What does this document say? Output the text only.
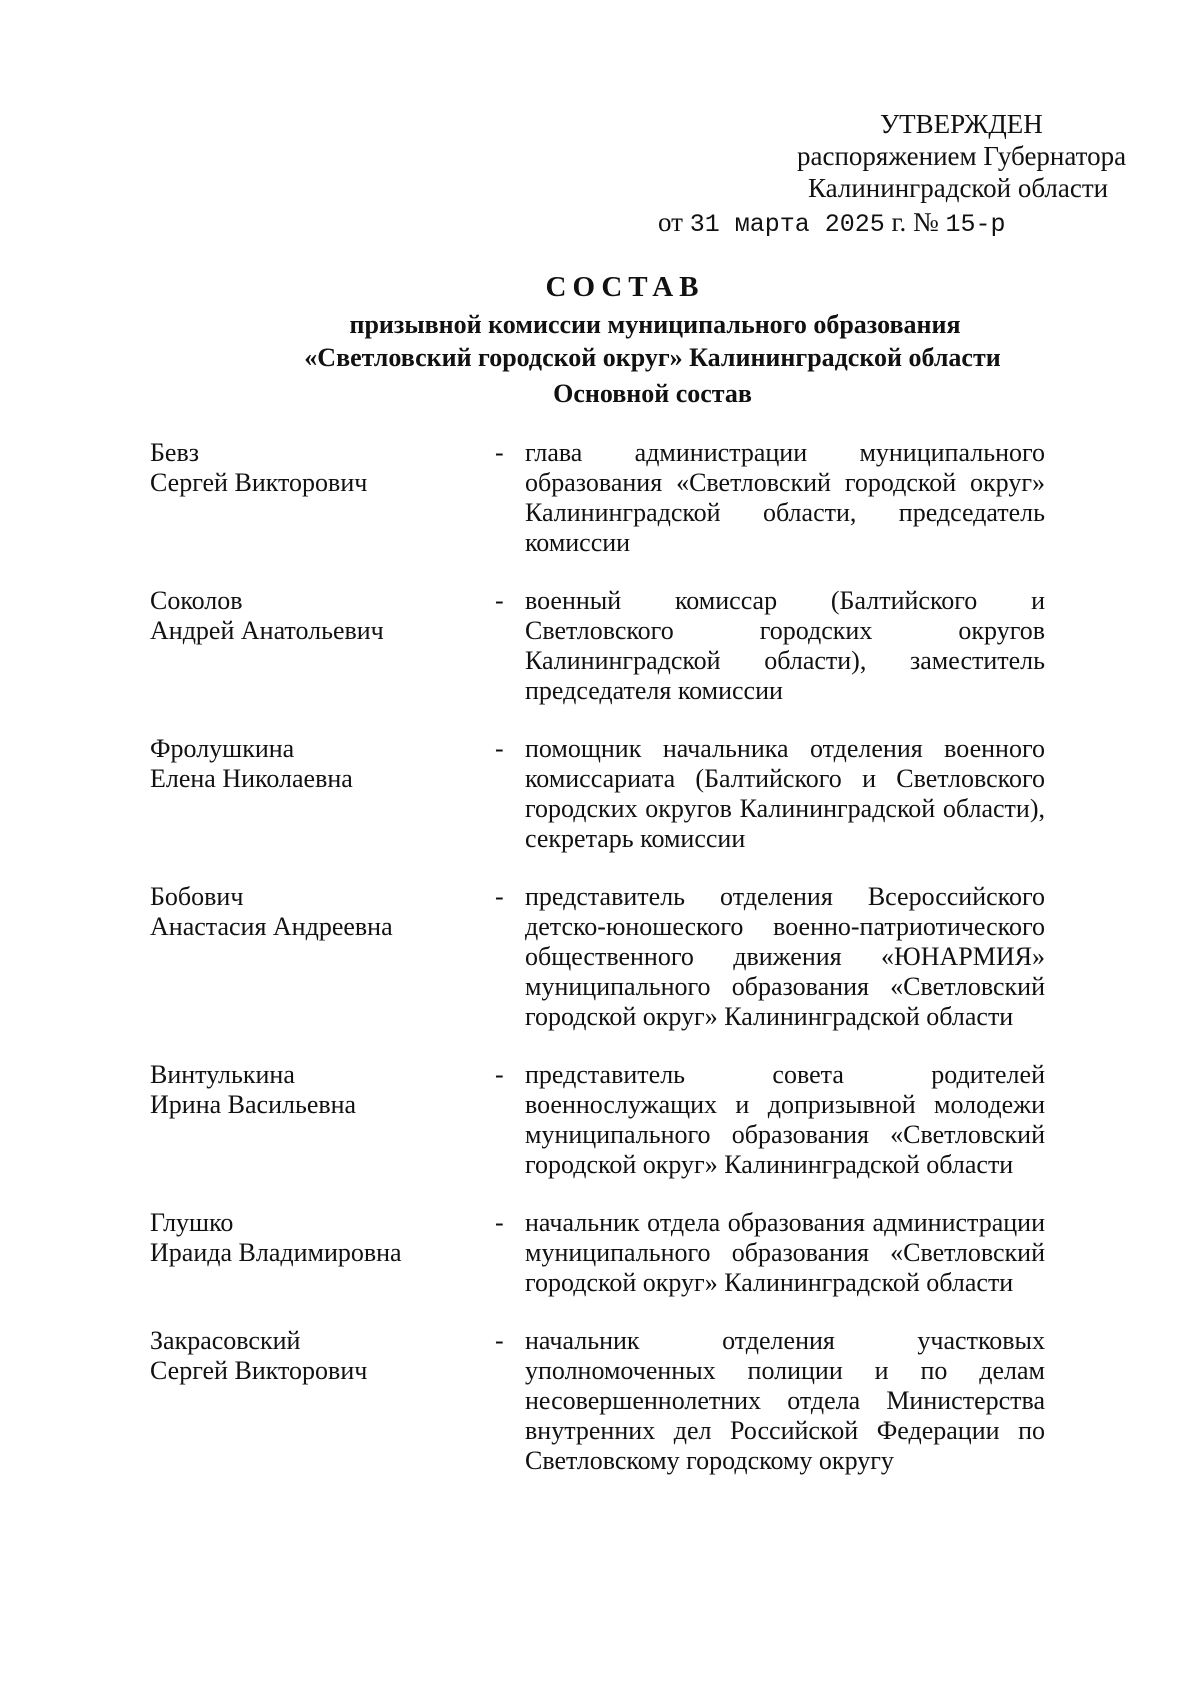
УТВЕРЖДЕН
распоряжением Губернатора
Калининградской области
от 31 марта 2025 г. № 15-р
СОСТАВ
призывной комиссии муниципального образования
«Светловский городской округ» Калининградской области
Основной состав
Бевз
Сергей Викторович
- глава администрации муниципального образования «Светловский городской округ» Калининградской области, председатель комиссии
Соколов
Андрей Анатольевич
- военный комиссар (Балтийского и Светловского городских округов Калининградской области), заместитель председателя комиссии
Фролушкина
Елена Николаевна
- помощник начальника отделения военного комиссариата (Балтийского и Светловского городских округов Калининградской области), секретарь комиссии
Бобович
Анастасия Андреевна
- представитель отделения Всероссийского детско-юношеского военно-патриотического общественного движения «ЮНАРМИЯ» муниципального образования «Светловский городской округ» Калининградской области
Винтулькина
Ирина Васильевна
- представитель совета родителей военнослужащих и допризывной молодежи муниципального образования «Светловский городской округ» Калининградской области
Глушко
Ираида Владимировна
- начальник отдела образования администрации муниципального образования «Светловский городской округ» Калининградской области
Закрасовский
Сергей Викторович
- начальник отделения участковых уполномоченных полиции и по делам несовершеннолетних отдела Министерства внутренних дел Российской Федерации по Светловскому городскому округу
